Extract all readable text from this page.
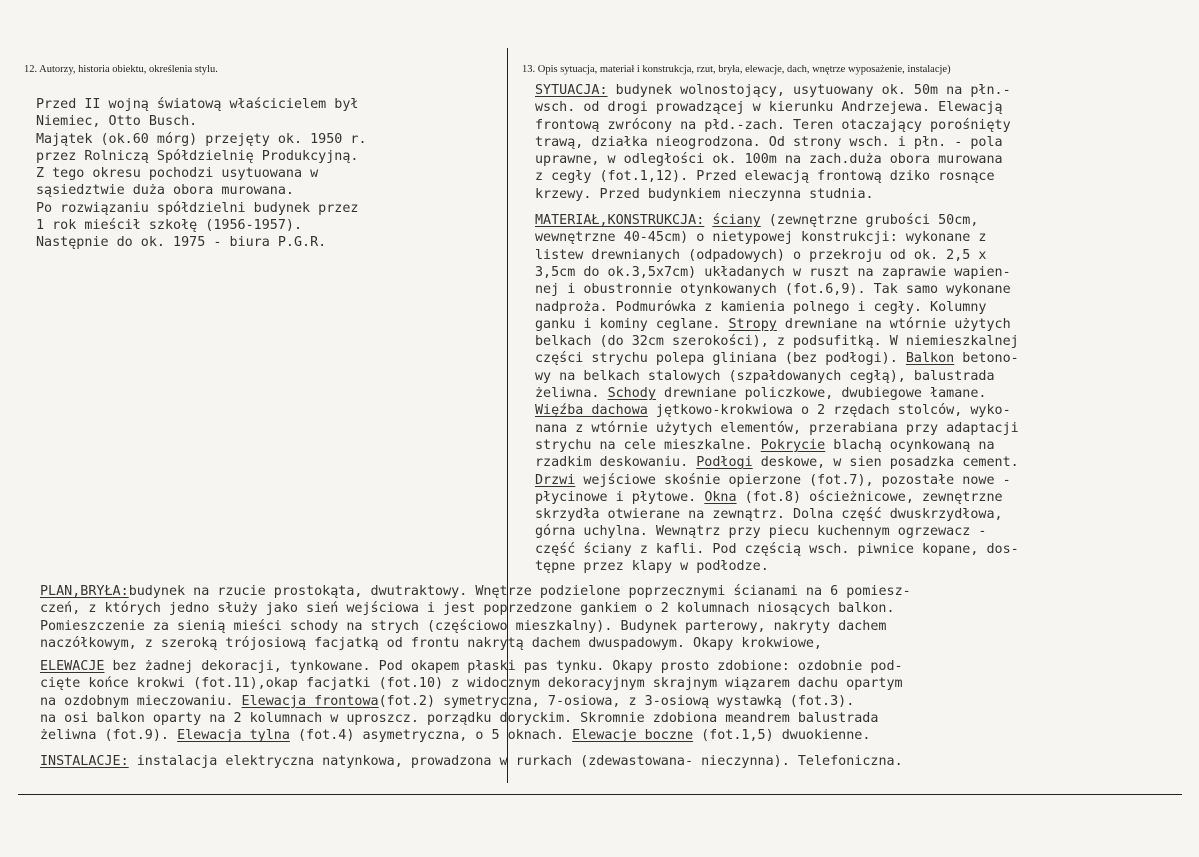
12. Autorzy, historia obiektu, określenia stylu.	13. Opis sytuacja, materiał i konstrukcja, rzut, bryła, elewacje, dach, wnętrze wyposażenie, instalacje)
Przed II wojną światową właścicielem był
Niemiec, Otto Busch.
Majątek (ok.60 mórg) przejęty ok. 1950 r.
przez Rolniczą Spółdzielnię Produkcyjną.
Z tego okresu pochodzi usytuowana w
sąsiedztwie duża obora murowana.
Po rozwiązaniu spółdzielni budynek przez
1 rok mieścił szkołę (1956-1957).
Następnie do ok. 1975 - biura P.G.R.
SYTUACJA: budynek wolnostojący, usytuowany ok. 50m na płn.-
wsch. od drogi prowadzącej w kierunku Andrzejewa. Elewacją
frontową zwrócony na płd.-zach. Teren otaczający porośnięty
trawą, działka nieogrodzona. Od strony wsch. i płn. - pola
uprawne, w odległości ok. 100m na zach.duża obora murowana
z cegły (fot.1,12). Przed elewacją frontową dziko rosnące
krzewy. Przed budynkiem nieczynna studnia.
MATERIAŁ,KONSTRUKCJA: ściany (zewnętrzne grubości 50cm,
wewnętrzne 40-45cm) o nietypowej konstrukcji: wykonane z
listew drewnianych (odpadowych) o przekroju od ok. 2,5 x
3,5cm do ok.3,5x7cm) układanych w ruszt na zaprawie wapien-
nej i obustronnie otynkowanych (fot.6,9). Tak samo wykonane
nadproża. Podmurówka z kamienia polnego i cegły. Kolumny
ganku i kominy ceglane. Stropy drewniane na wtórnie użytych
belkach (do 32cm szerokości), z podsufitką. W niemieszkalnej
części strychu polepa gliniana (bez podłogi). Balkon betono-
wy na belkach stalowych (szpałdowanych cegłą), balustrada
żeliwna. Schody drewniane policzkowe, dwubiegowe łamane.
Więźba dachowa jętkowo-krokwiowa o 2 rzędach stolców, wyko-
nana z wtórnie użytych elementów, przerabiana przy adaptacji
strychu na cele mieszkalne. Pokrycie blachą ocynkowaną na
rzadkim deskowaniu. Podłogi deskowe, w sien posadzka cement.
Drzwi wejściowe skośnie opierzone (fot.7), pozostałe nowe -
płycinowe i płytowe. Okna (fot.8) ościeżnicowe, zewnętrzne
skrzydła otwierane na zewnątrz. Dolna część dwuskrzydłowa,
górna uchylna. Wewnątrz przy piecu kuchennym ogrzewacz -
część ściany z kafli. Pod częścią wsch. piwnice kopane, dos-
tępne przez klapy w podłodze.
PLAN,BRYŁA:budynek na rzucie prostokąta, dwutraktowy. Wnętrze podzielone poprzecznymi ścianami na 6 pomiesz-
czeń, z których jedno służy jako sień wejściowa i jest poprzedzone gankiem o 2 kolumnach niosących balkon.
Pomieszczenie za sienią mieści schody na strych (częściowo mieszkalny). Budynek parterowy, nakryty dachem
naczółkowym, z szeroką trójosiową facjatką od frontu nakrytą dachem dwuspadowym. Okapy krokwiowe,
ELEWACJE bez żadnej dekoracji, tynkowane. Pod okapem płaski pas tynku. Okapy prosto zdobione: ozdobnie pod-
cięte końce krokwi (fot.11),okap facjatki (fot.10) z widocznym dekoracyjnym skrajnym wiązarem dachu opartym
na ozdobnym mieczowaniu. Elewacja frontowa(fot.2) symetryczna, 7-osiowa, z 3-osiową wystawką (fot.3).
na osi balkon oparty na 2 kolumnach w uproszcz. porządku doryckim. Skromnie zdobiona meandrem balustrada
żeliwna (fot.9). Elewacja tylna (fot.4) asymetryczna, o 5 oknach. Elewacje boczne (fot.1,5) dwuokienne.
INSTALACJE: instalacja elektryczna natynkowa, prowadzona w rurkach (zdewastowana- nieczynna). Telefoniczna.
